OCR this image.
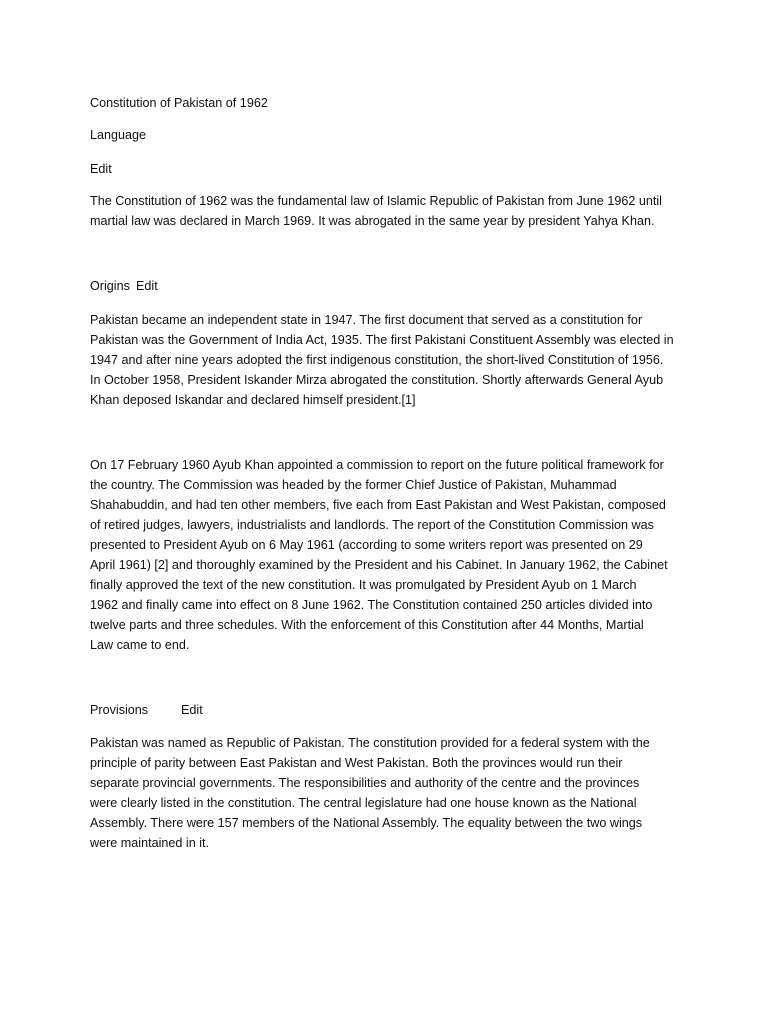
Constitution of Pakistan of 1962

Language

Edit

The Constitution of 1962 was the fundamental law of Islamic Republic of Pakistan from June 1962 until

martial law was declared in March 1969. It was abrogated in the same year by president Yahya Khan.

Origins Edit

Pakistan became an independent state in 1947. The first document that served as a constitution for

Pakistan was the Government of India Act, 1935. The first Pakistani Constituent Assembly was elected in

1947 and after nine years adopted the first indigenous constitution, the short-lived Constitution of 1956.

In October 1958, President Iskander Mirza abrogated the constitution. Shortly afterwards General Ayub

Khan deposed Iskandar and declared himself president.[1]

On 17 February 1960 Ayub Khan appointed a commission to report on the future political framework for

the country. The Commission was headed by the former Chief Justice of Pakistan, Muhammad

Shahabuddin, and had ten other members, five each from East Pakistan and West Pakistan, composed

of retired judges, lawyers, industrialists and landlords. The report of the Constitution Commission was

presented to President Ayub on 6 May 1961 (according to some writers report was presented on 29

April 1961) [2] and thoroughly examined by the President and his Cabinet. In January 1962, the Cabinet

finally approved the text of the new constitution. It was promulgated by President Ayub on 1 March

1962 and finally came into effect on 8 June 1962. The Constitution contained 250 articles divided into

twelve parts and three schedules. With the enforcement of this Constitution after 44 Months, Martial

Law came to end.

Provisions	Edit

Pakistan was named as Republic of Pakistan. The constitution provided for a federal system with the

principle of parity between East Pakistan and West Pakistan. Both the provinces would run their

separate provincial governments. The responsibilities and authority of the centre and the provinces

were clearly listed in the constitution. The central legislature had one house known as the National

Assembly. There were 157 members of the National Assembly. The equality between the two wings

were maintained in it.
